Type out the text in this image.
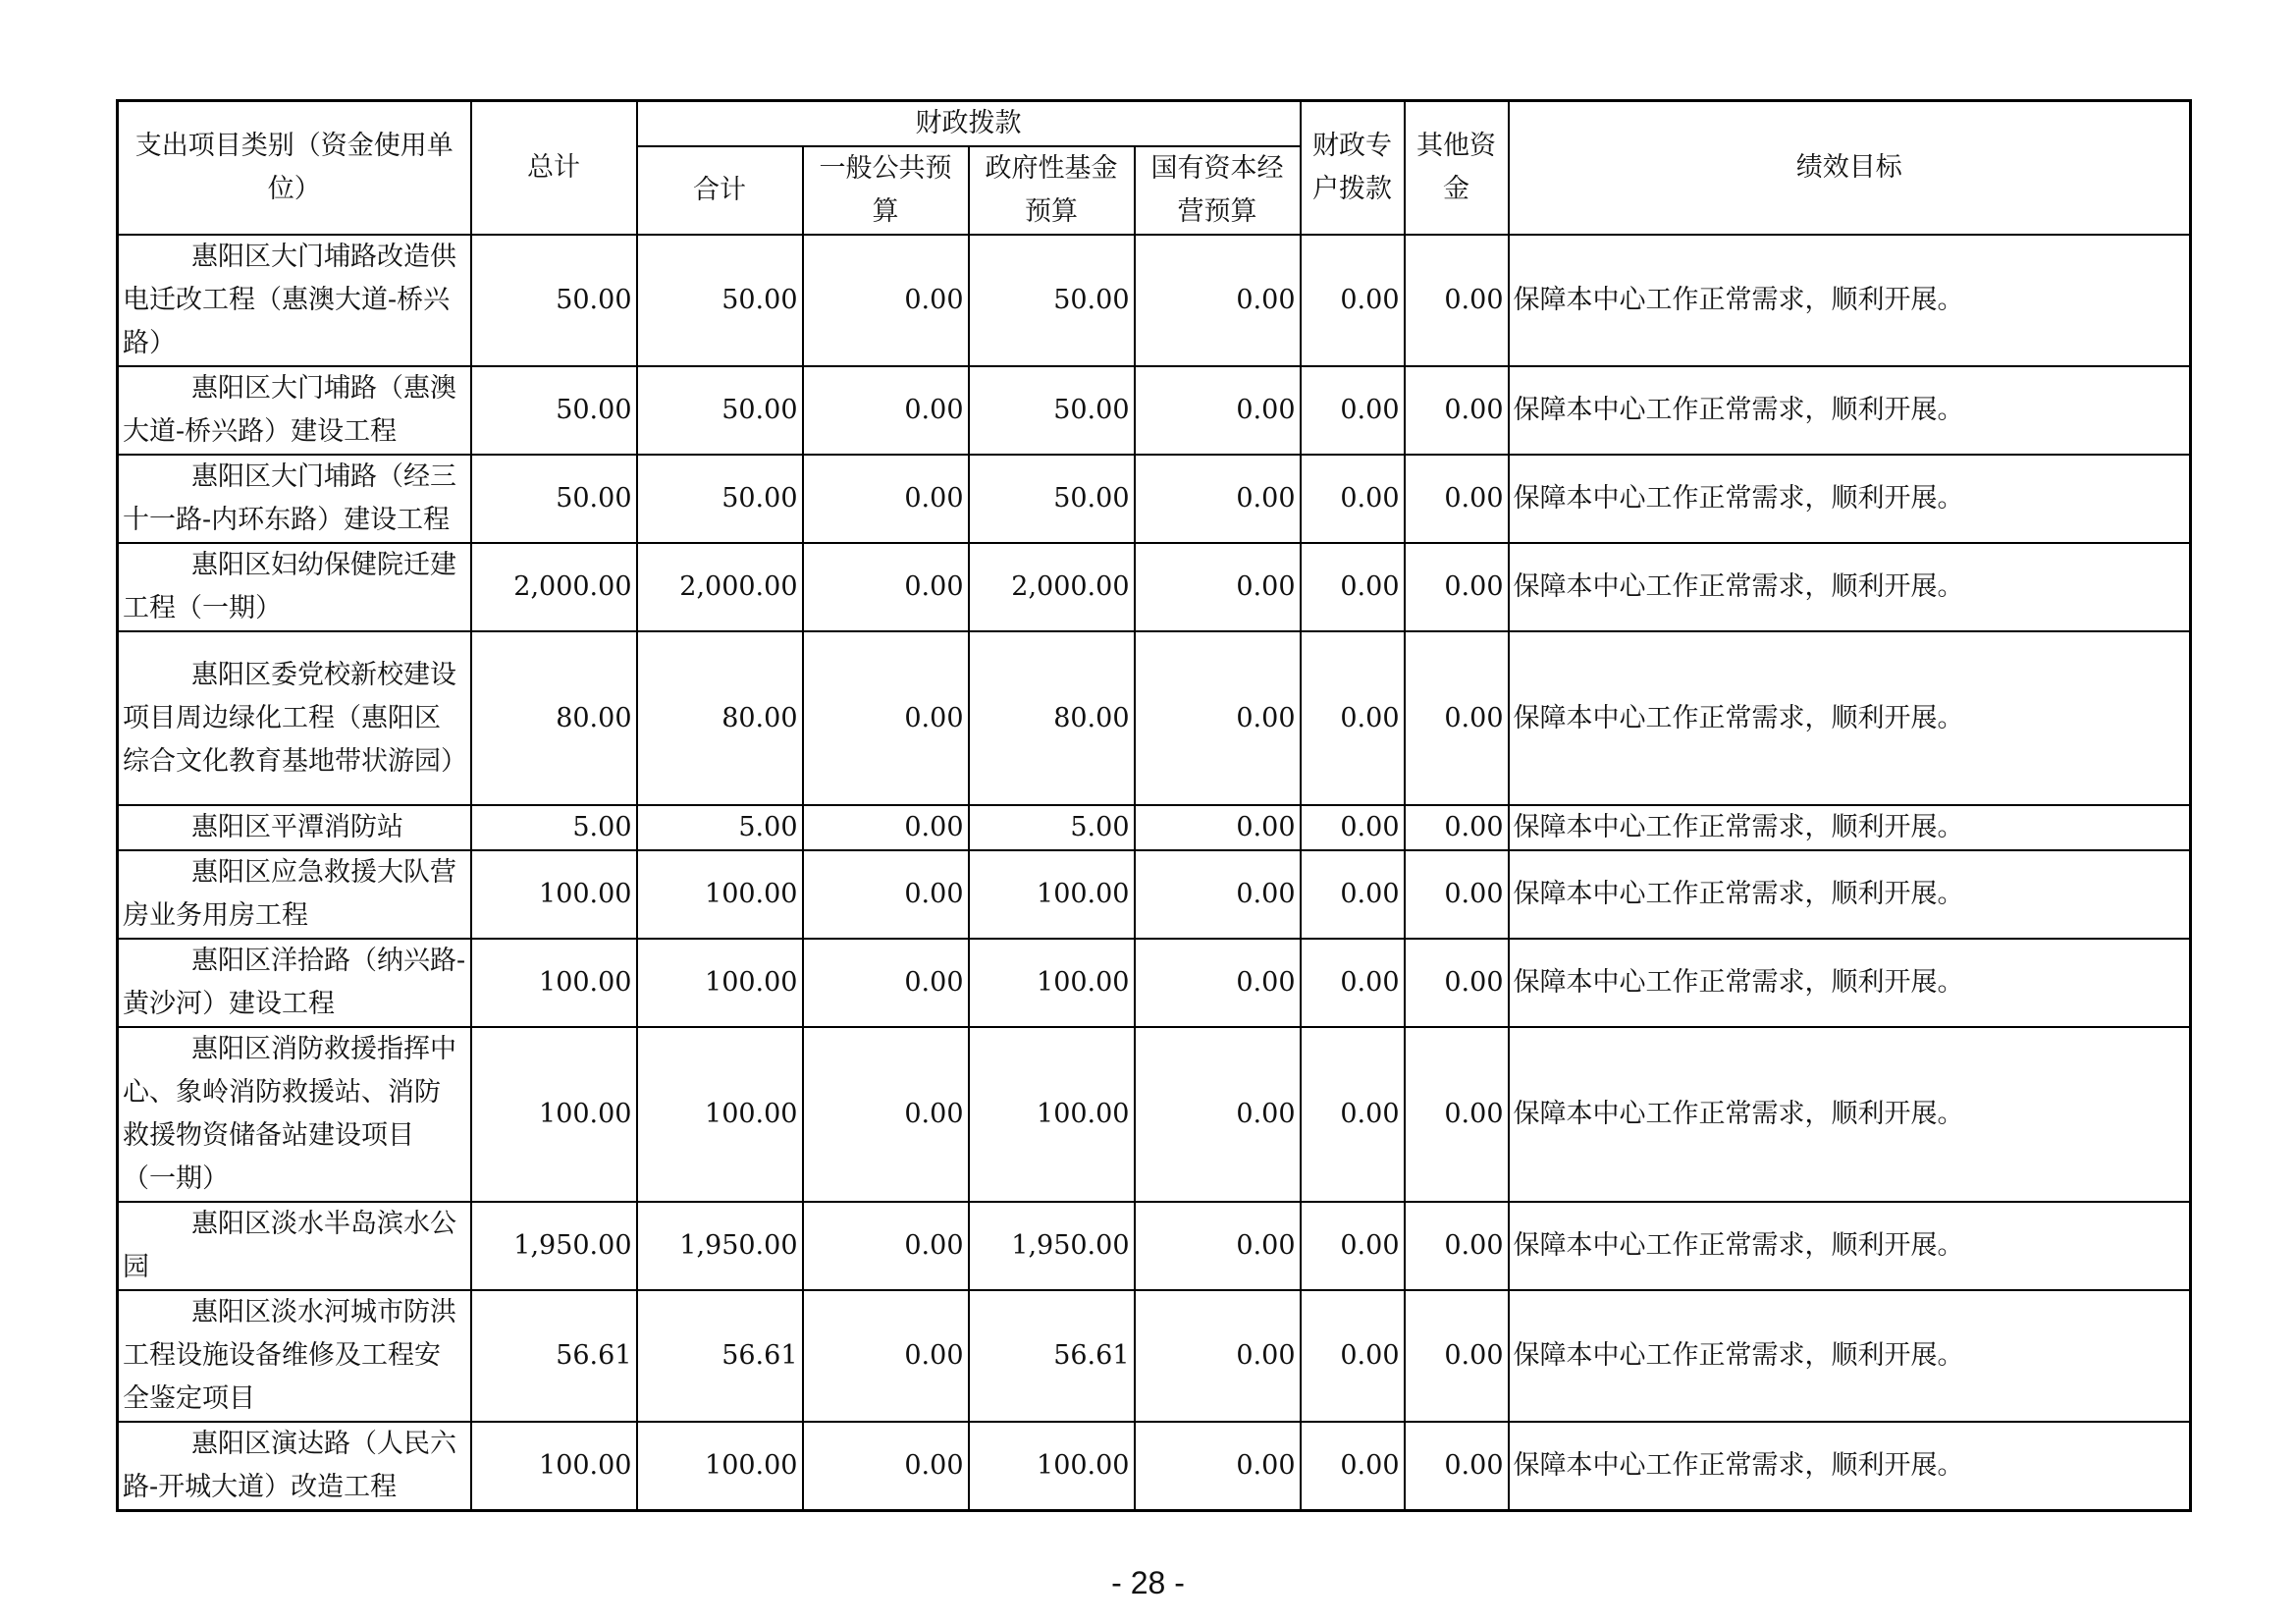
支出项目类别（资金使用单位）	总计	财政拨款				财政专户拨款	其他资金	绩效目标
		合计	一般公共预算	政府性基金预算	国有资本经营预算			

惠阳区大门埔路改造供电迁改工程（惠澳大道-桥兴路）	50.00	50.00	0.00	50.00	0.00	0.00	0.00	保障本中心工作正常需求，顺利开展。

惠阳区大门埔路（惠澳大道-桥兴路）建设工程	50.00	50.00	0.00	50.00	0.00	0.00	0.00	保障本中心工作正常需求，顺利开展。

惠阳区大门埔路（经三十一路-内环东路）建设工程	50.00	50.00	0.00	50.00	0.00	0.00	0.00	保障本中心工作正常需求，顺利开展。

惠阳区妇幼保健院迁建工程（一期）	2,000.00	2,000.00	0.00	2,000.00	0.00	0.00	0.00	保障本中心工作正常需求，顺利开展。

惠阳区委党校新校建设项目周边绿化工程（惠阳区综合文化教育基地带状游园）	80.00	80.00	0.00	80.00	0.00	0.00	0.00	保障本中心工作正常需求，顺利开展。

惠阳区平潭消防站	5.00	5.00	0.00	5.00	0.00	0.00	0.00	保障本中心工作正常需求，顺利开展。

惠阳区应急救援大队营房业务用房工程	100.00	100.00	0.00	100.00	0.00	0.00	0.00	保障本中心工作正常需求，顺利开展。

惠阳区洋拾路（纳兴路-黄沙河）建设工程	100.00	100.00	0.00	100.00	0.00	0.00	0.00	保障本中心工作正常需求，顺利开展。

惠阳区消防救援指挥中心、象岭消防救援站、消防救援物资储备站建设项目（一期）	100.00	100.00	0.00	100.00	0.00	0.00	0.00	保障本中心工作正常需求，顺利开展。

惠阳区淡水半岛滨水公园	1,950.00	1,950.00	0.00	1,950.00	0.00	0.00	0.00	保障本中心工作正常需求，顺利开展。

惠阳区淡水河城市防洪工程设施设备维修及工程安全鉴定项目	56.61	56.61	0.00	56.61	0.00	0.00	0.00	保障本中心工作正常需求，顺利开展。

惠阳区演达路（人民六路-开城大道）改造工程	100.00	100.00	0.00	100.00	0.00	0.00	0.00	保障本中心工作正常需求，顺利开展。
- 28 -
